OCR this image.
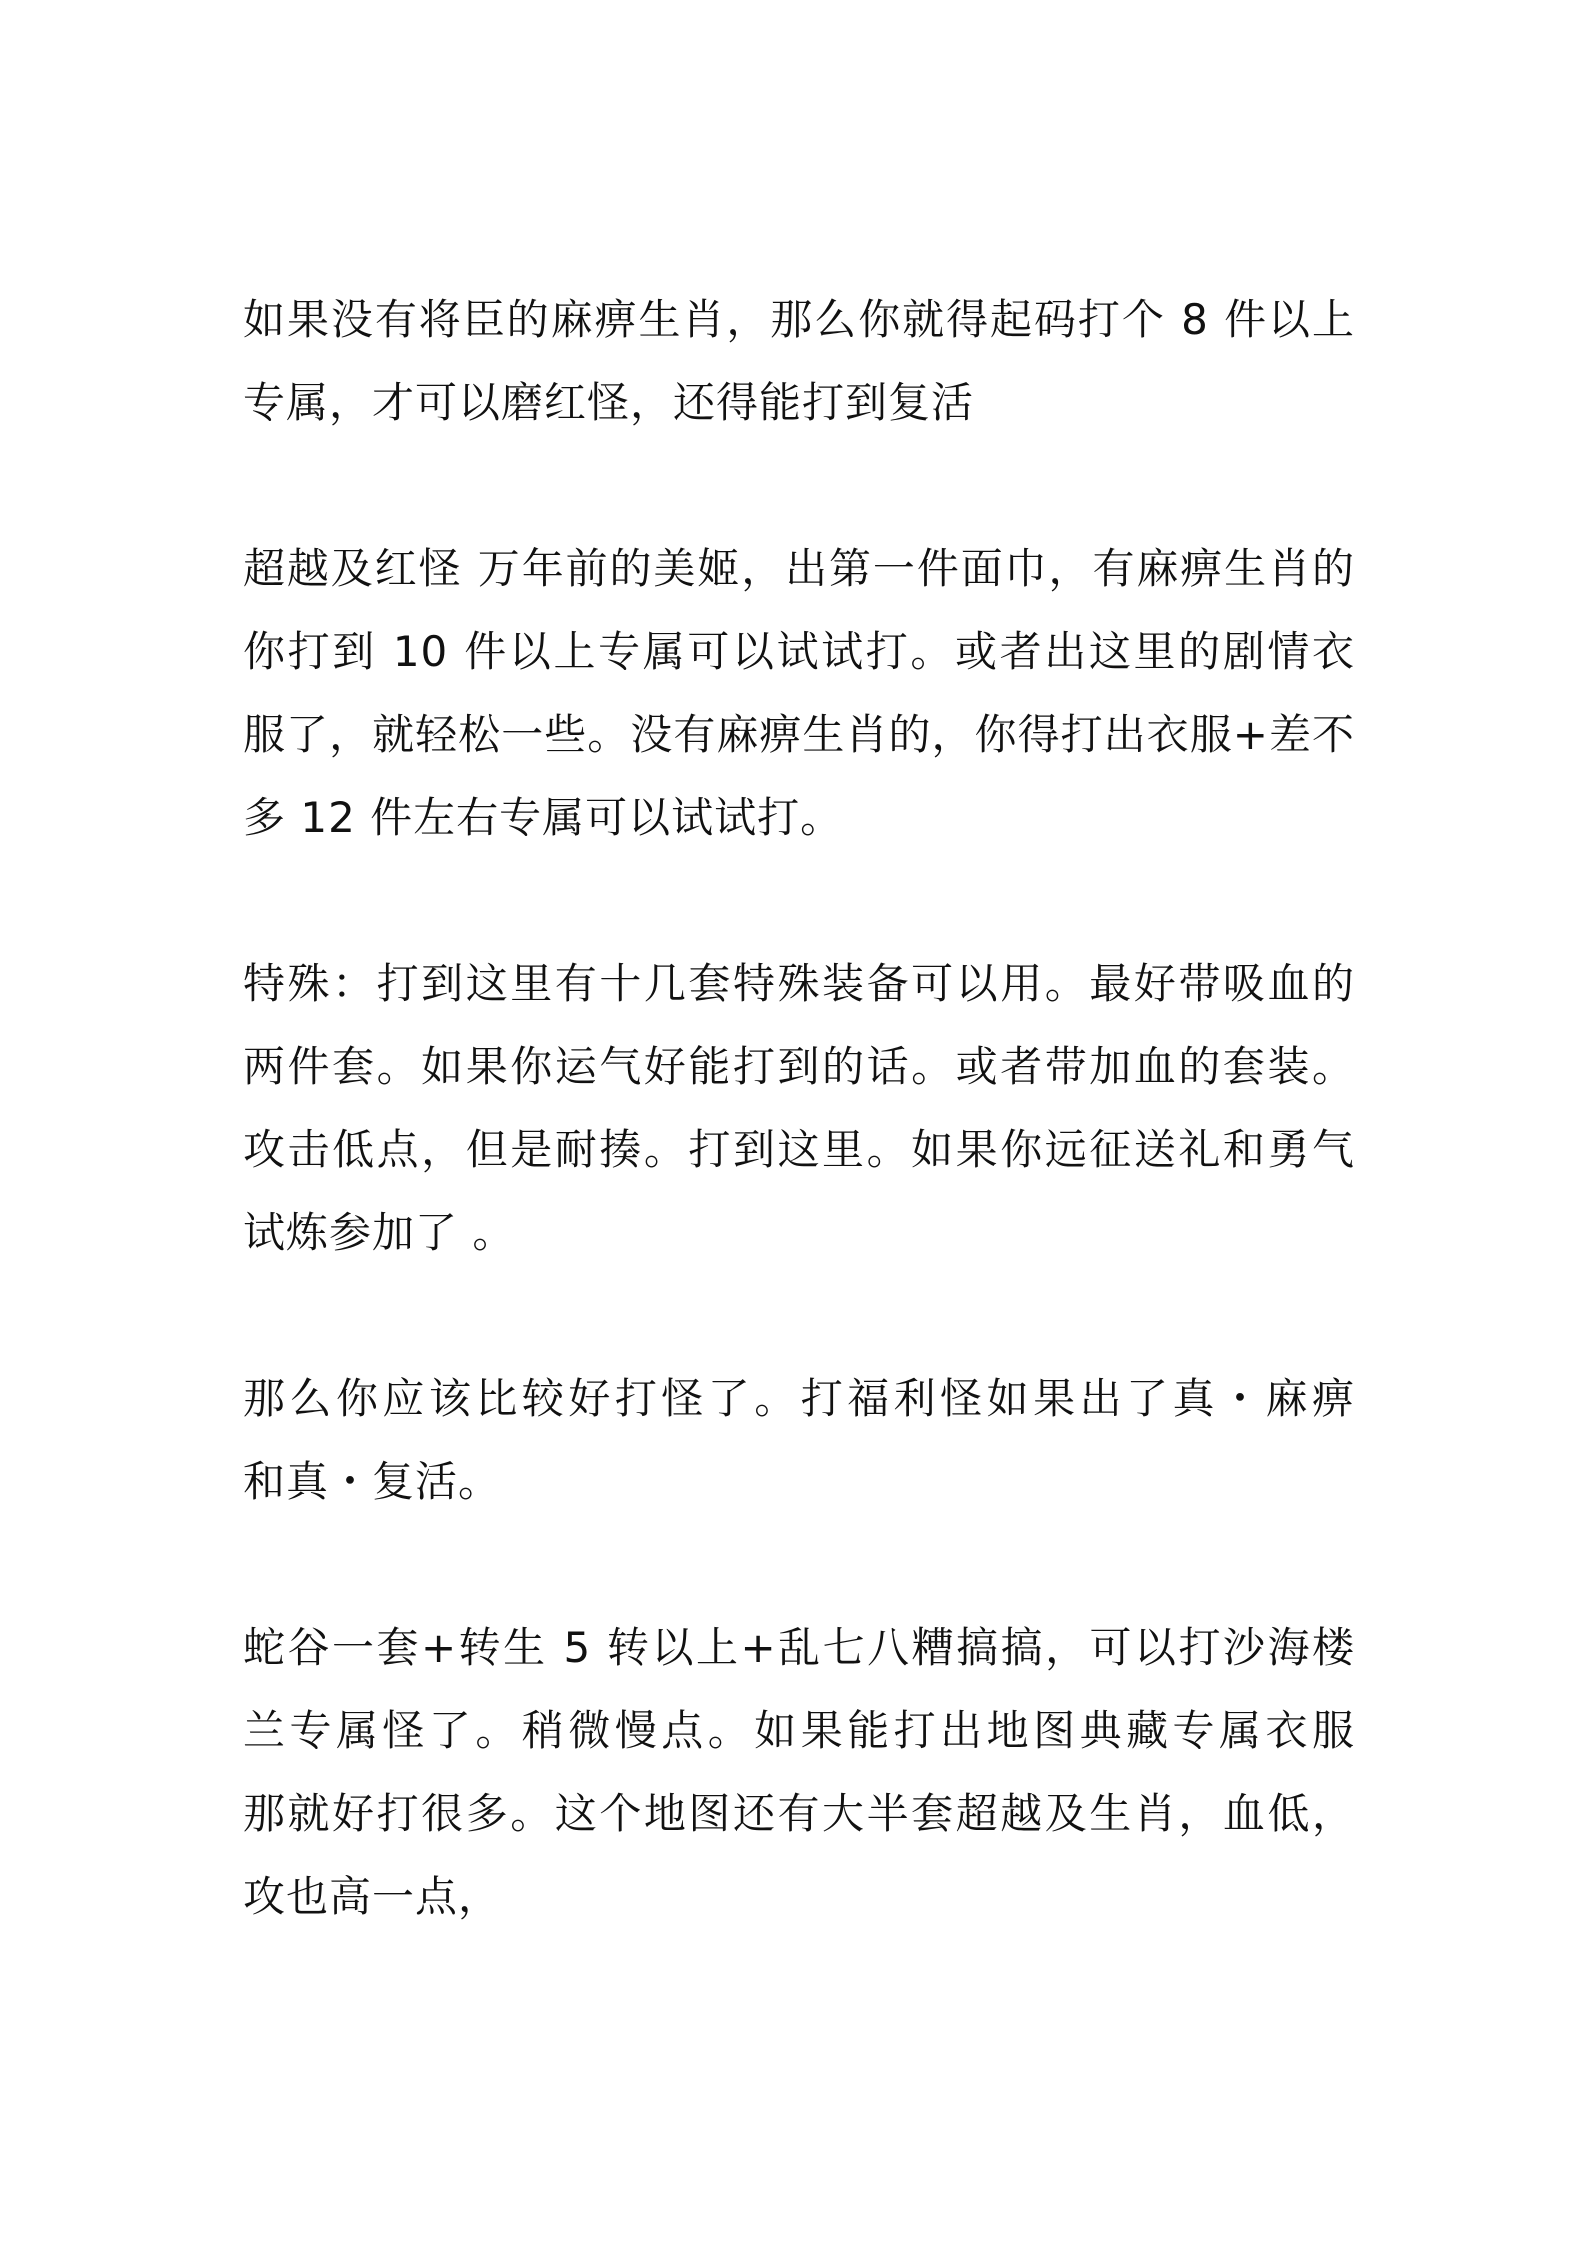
如果没有将臣的麻痹生肖，那么你就得起码打个 8 件以上专属，才可以磨红怪，还得能打到复活

超越及红怪 万年前的美姬，出第一件面巾，有麻痹生肖的你打到 10 件以上专属可以试试打。或者出这里的剧情衣服了，就轻松一些。没有麻痹生肖的，你得打出衣服+差不多 12 件左右专属可以试试打。

特殊：打到这里有十几套特殊装备可以用。最好带吸血的两件套。如果你运气好能打到的话。或者带加血的套装。攻击低点，但是耐揍。打到这里。如果你远征送礼和勇气试炼参加了 。

那么你应该比较好打怪了。打福利怪如果出了真・麻痹　和真・复活。

蛇谷一套+转生 5 转以上+乱七八糟搞搞，可以打沙海楼兰专属怪了。稍微慢点。如果能打出地图典藏专属衣服　那就好打很多。这个地图还有大半套超越及生肖，血低，攻也高一点，
